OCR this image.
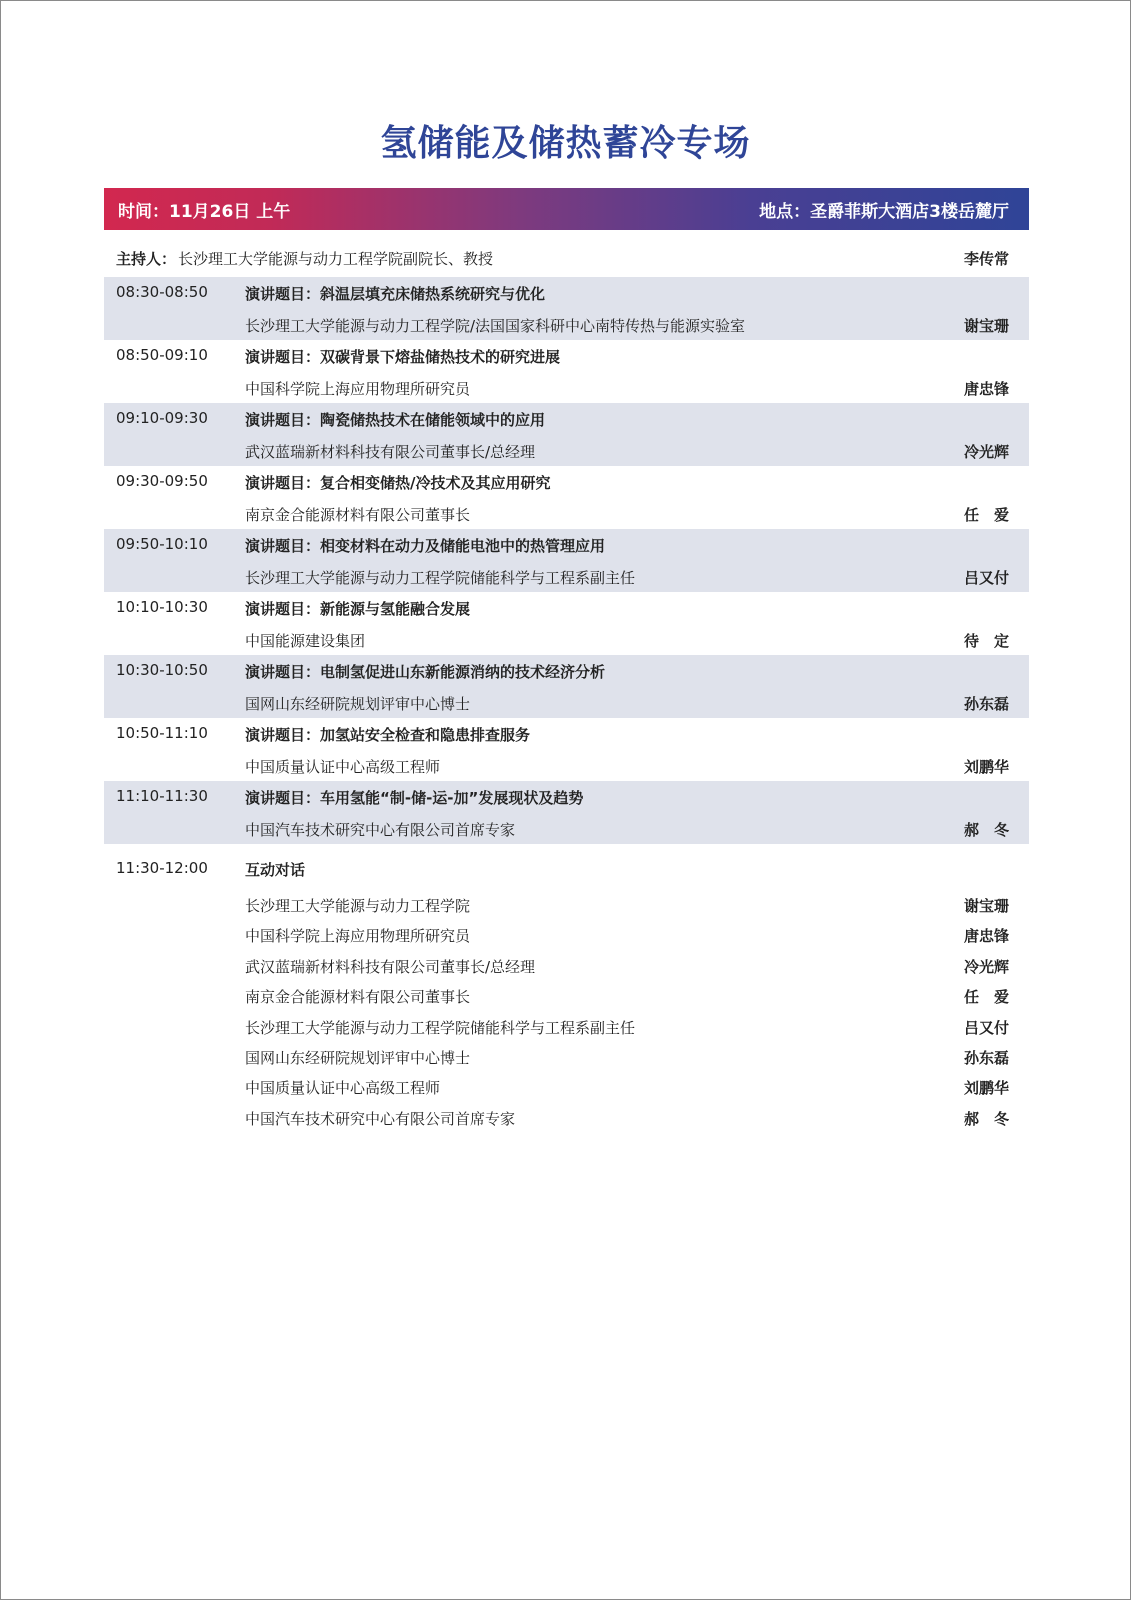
氢储能及储热蓄冷专场
时间：11月26日 上午	地点：圣爵菲斯大酒店3楼岳麓厅
主持人： 长沙理工大学能源与动力工程学院副院长、教授	李传常
08:30-08:50 演讲题目：斜温层填充床储热系统研究与优化
长沙理工大学能源与动力工程学院/法国国家科研中心南特传热与能源实验室	谢宝珊
08:50-09:10 演讲题目：双碳背景下熔盐储热技术的研究进展
中国科学院上海应用物理所研究员	唐忠锋
09:10-09:30 演讲题目：陶瓷储热技术在储能领域中的应用
武汉蓝瑞新材料科技有限公司董事长/总经理	冷光辉
09:30-09:50 演讲题目：复合相变储热/冷技术及其应用研究
南京金合能源材料有限公司董事长	任　爱
09:50-10:10 演讲题目：相变材料在动力及储能电池中的热管理应用
长沙理工大学能源与动力工程学院储能科学与工程系副主任	吕又付
10:10-10:30 演讲题目：新能源与氢能融合发展
中国能源建设集团	待　定
10:30-10:50 演讲题目：电制氢促进山东新能源消纳的技术经济分析
国网山东经研院规划评审中心博士	孙东磊
10:50-11:10 演讲题目：加氢站安全检查和隐患排查服务
中国质量认证中心高级工程师	刘鹏华
11:10-11:30 演讲题目：车用氢能“制-储-运-加”发展现状及趋势
中国汽车技术研究中心有限公司首席专家	郝　冬
11:30-12:00 互动对话
长沙理工大学能源与动力工程学院	谢宝珊
中国科学院上海应用物理所研究员	唐忠锋
武汉蓝瑞新材料科技有限公司董事长/总经理	冷光辉
南京金合能源材料有限公司董事长	任　爱
长沙理工大学能源与动力工程学院储能科学与工程系副主任	吕又付
国网山东经研院规划评审中心博士	孙东磊
中国质量认证中心高级工程师	刘鹏华
中国汽车技术研究中心有限公司首席专家	郝　冬
